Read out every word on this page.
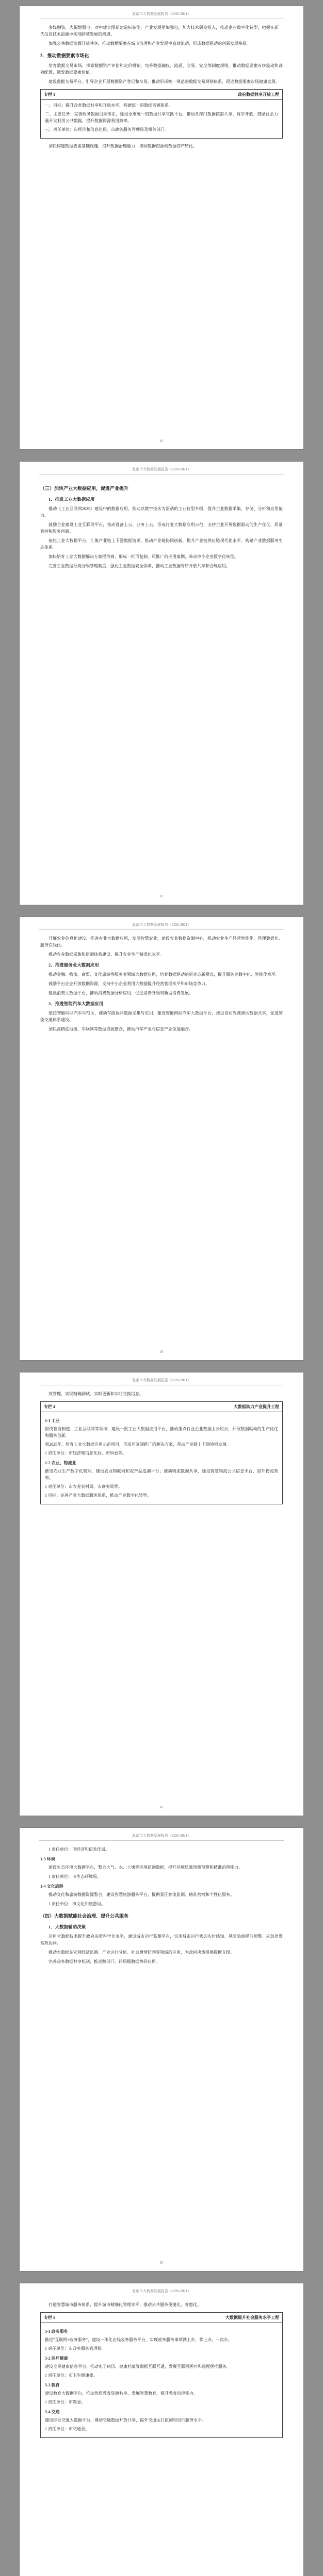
北京市大数据发展报告（2020-2021）

多媒融资，大幅增强电，对中建立图新建造标转型，产业发展更加强电，加大技术研发投入，推动企业数字化转型，把握在新一代信息技术浪潮中实现跨越发展的机遇。

加强公共数据资源开放共享，推动数据要素在城市治理和产业发展中高效流动，形成数据驱动的创新发展格局。

3．推动数据要素市场化

培育数据交易市场，探索数据资产评估和定价机制，完善数据确权、流通、交易、安全等制度规则，推动数据要素有序流动和高效配置，激发数据要素价值。

建设数据交易平台，引导企业开展数据资产登记和交易，推动形成统一规范的数据交易规则体系，促进数据要素市场健康发展。

专栏 1	政府数据共享开放工程

一、目标：提升政务数据共享和开放水平，构建统一的数据资源体系。

二、主要任务：完善政务数据目录体系，建设全市统一的数据共享交换平台，推动各部门数据按需共享、有序开放，鼓励社会力量开发利用公共数据，提升数据资源利用效率。

三、责任单位：市经济和信息化局、市政务服务管理局及相关部门。

加快构建数据要素基础设施，提升数据治理能力，推动数据资源向数据资产转化。

46
北京市大数据发展报告（2020-2021）
（三）加快产业大数据应用，促进产业提升
1．推进工业大数据应用

推动《工业互联网2025》建设中的数据应用，推动以数字技术为驱动的工业转型升级，提升企业数据采集、存储、分析和应用能力。

鼓励企业建设工业互联网平台，推动设备上云、业务上云，形成行业大数据应用示范，支持企业开展数据驱动的生产优化、质量管控和服务创新。

依托工业大数据平台，汇聚产业链上下游数据资源，推动产业链协同创新，提升产业链供应链现代化水平，构建产业数据服务生态体系。

加快培育工业大数据解决方案提供商，形成一批可复制、可推广的应用案例，带动中小企业数字化转型。

完善工业数据分类分级管理制度，强化工业数据安全保障，推动工业数据有序开放共享和合规应用。

47
北京市大数据发展报告（2020-2021）

开展农业信息化建设，推进农业大数据应用，发展智慧农业，建设农业数据资源中心，推动农业生产经营智能化、管理数据化、服务在线化。

推动农业数据采集和监测体系建设，提升农业生产精准化水平。

2．推进服务业大数据应用

推动金融、物流、商贸、文化旅游等服务业领域大数据应用，培育数据驱动的新业态新模式，提升服务业数字化、智能化水平。

鼓励平台企业开放数据资源，支持中小企业利用大数据提升经营管理水平和市场竞争力。

建设消费大数据平台，推动消费数据分析应用，促进消费升级和新型消费发展。

3．推进智能汽车大数据应用

依托智能网联汽车示范区，推动车路协同数据采集与应用，建设智能网联汽车大数据平台，推进自动驾驶测试数据共享，促进智能交通体系建设。

加快高精度地图、车联网等数据资源整合，推动汽车产业与信息产业深度融合。

48
北京市大数据发展报告（2020-2021）

效管理，实现精确测试、实时更新和实时交换信息。

专栏 4	大数据助力产业提升工程
1-1 工业

围绕智能制造、工业互联网等领域，建设一批工业大数据应用平台，推动重点行业企业数据上云用云，开展数据驱动的生产优化和服务创新。

到2025年，培育工业大数据应用示范项目，形成可复制推广的解决方案，带动产业链上下游协同发展。

1 责任单位：市经济和信息化局、市科委等。

1-2 农业、物流业

推进农业生产数字化管理，建设农业物联网和农产品追溯平台；推动物流数据共享，建设智慧物流公共信息平台，提升物流效率。

1 责任单位：市农业农村局、市商务局等。

1 目标：完善产业大数据服务体系，推动产业数字化转型。

49
北京市大数据发展报告（2020-2021）

1 责任单位：市经济和信息化局。

1-3 环境

建设生态环境大数据平台，整合大气、水、土壤等环境监测数据，提升环境质量预测预警和精准治理能力。

1 责任单位：市生态环境局。

1-4 文化旅游

推动文化和旅游数据资源整合，建设智慧旅游服务平台，提供景区客流监测、精准营销和个性化服务。

1 责任单位：市文化和旅游局。

（四）大数据赋能社会治理、提升公共服务
1．大数据辅助决策

运用大数据技术提升政府决策科学化水平，建设城市运行监测平台，实现城市运行状态实时感知、风险隐患提前预警、应急处置高效协同。

推动大数据在宏观经济监测、产业运行分析、社会舆情研判等领域的应用，为政府决策提供数据支撑。

完善政务数据共享机制，推进跨部门、跨层级数据协同应用。

50
北京市大数据发展报告（2020-2021）

打造智慧城市服务体系，提升城市精细化管理水平，推动公共服务便捷化、普惠化。

专栏 5	大数据提升社会服务水平工程
5-1 政务服务

推进"互联网+政务服务"，建设一体化在线政务服务平台，实现政务服务事项网上办、掌上办、一次办。

1 责任单位：市政务服务管理局。

5-2 医疗健康

建设全民健康信息平台，推动电子病历、健康档案等数据互联互通，发展互联网医疗和远程医疗服务。

1 责任单位：市卫生健康委。

5-3 教育

建设教育大数据平台，推动优质教育资源共享，发展智慧教育，提升教育治理能力。

1 责任单位：市教委。

5-4 交通

建设综合交通大数据平台，推动交通数据开放共享，提升交通运行监测和出行服务水平。

1 责任单位：市交通委。
